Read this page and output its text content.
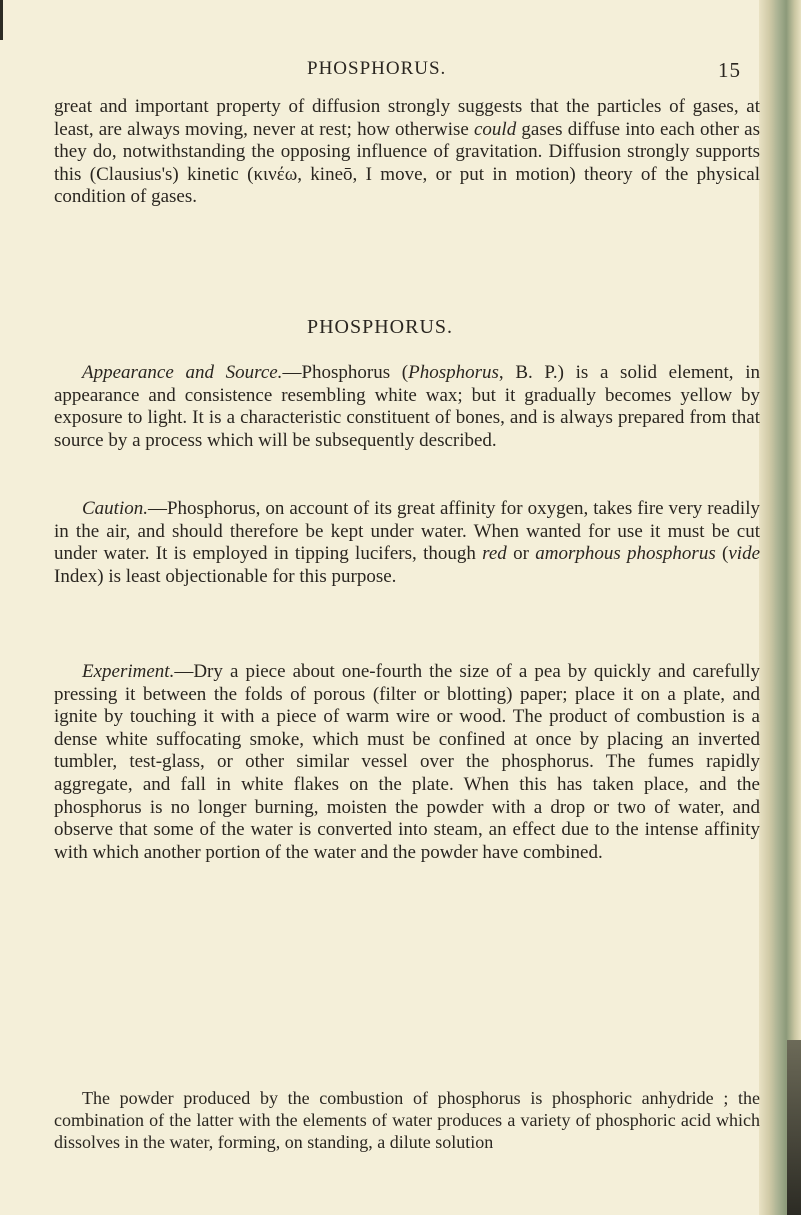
PHOSPHORUS.	15

great and important property of diffusion strongly suggests that the particles of gases, at least, are always moving, never at rest; how otherwise could gases diffuse into each other as they do, notwithstanding the opposing influence of gravitation. Diffusion strongly supports this (Clausius's) kinetic (κινέω, kineō, I move, or put in motion) theory of the physical condition of gases.

PHOSPHORUS.

Appearance and Source.—Phosphorus (Phosphorus, B. P.) is a solid element, in appearance and consistence resembling white wax; but it gradually becomes yellow by exposure to light. It is a characteristic constituent of bones, and is always prepared from that source by a process which will be subsequently described.

Caution.—Phosphorus, on account of its great affinity for oxygen, takes fire very readily in the air, and should therefore be kept under water. When wanted for use it must be cut under water. It is employed in tipping lucifers, though red or amorphous phosphorus (vide Index) is least objectionable for this purpose.

Experiment.—Dry a piece about one-fourth the size of a pea by quickly and carefully pressing it between the folds of porous (filter or blotting) paper; place it on a plate, and ignite by touching it with a piece of warm wire or wood. The product of combustion is a dense white suffocating smoke, which must be confined at once by placing an inverted tumbler, test-glass, or other similar vessel over the phosphorus. The fumes rapidly aggregate, and fall in white flakes on the plate. When this has taken place, and the phosphorus is no longer burning, moisten the powder with a drop or two of water, and observe that some of the water is converted into steam, an effect due to the intense affinity with which another portion of the water and the powder have combined.

The powder produced by the combustion of phosphorus is phosphoric anhydride ; the combination of the latter with the elements of water produces a variety of phosphoric acid which dissolves in the water, forming, on standing, a dilute solution
